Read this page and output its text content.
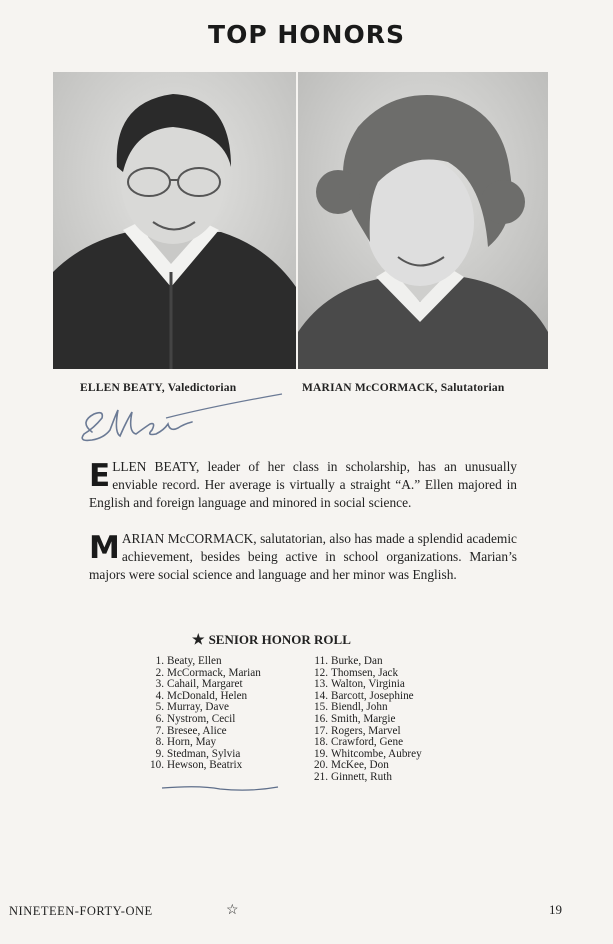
TOP HONORS
ELLEN BEATY, Valedictorian	MARIAN McCORMACK, Salutatorian

ELLEN BEATY, leader of her class in scholarship, has an unusually enviable record. Her average is virtually a straight “A.” Ellen majored in English and foreign language and minored in social science.

MARIAN McCORMACK, salutatorian, also has made a splendid academic achievement, besides being active in school organizations. Marian’s majors were social science and language and her minor was English.

★ SENIOR HONOR ROLL
1. Beaty, Ellen
2. McCormack, Marian
3. Cahail, Margaret
4. McDonald, Helen
5. Murray, Dave
6. Nystrom, Cecil
7. Bresee, Alice
8. Horn, May
9. Stedman, Sylvia
10. Hewson, Beatrix
11. Burke, Dan
12. Thomsen, Jack
13. Walton, Virginia
14. Barcott, Josephine
15. Biendl, John
16. Smith, Margie
17. Rogers, Marvel
18. Crawford, Gene
19. Whitcombe, Aubrey
20. McKee, Don
21. Ginnett, Ruth
NINETEEN-FORTY-ONE	☆	19
